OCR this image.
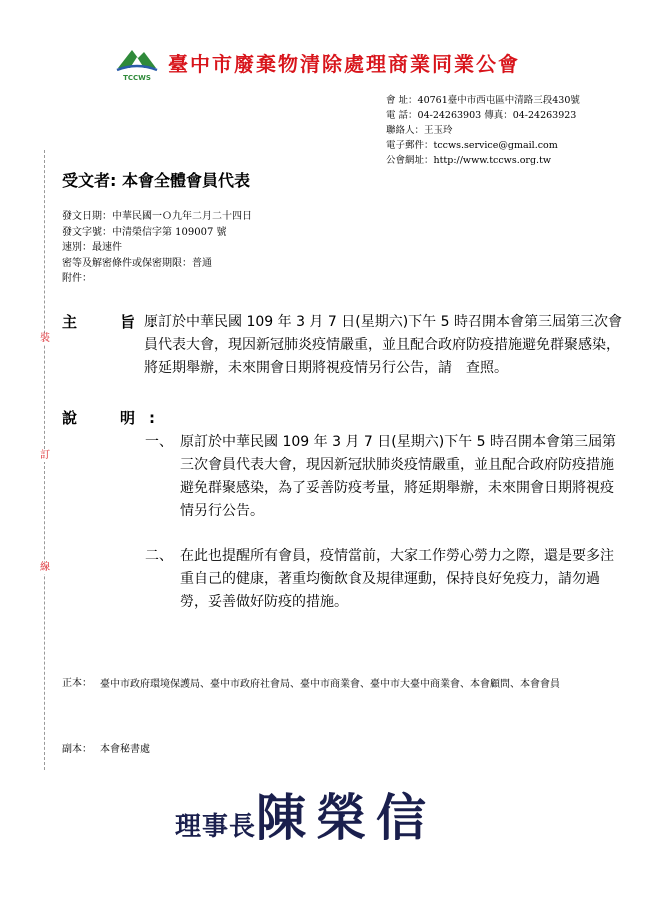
TCCWS
臺中市廢棄物清除處理商業同業公會
會 址：40761臺中市西屯區中清路三段430號
電 話：04-24263903 傳真：04-24263923
聯絡人：王玉玲
電子郵件：tccws.service@gmail.com
公會網址：http://www.tccws.org.tw
裝
訂
線
受文者: 本會全體會員代表
發文日期：中華民國一Ｏ九年二月二十四日
發文字號：中清榮信字第 109007 號
速別：最速件
密等及解密條件或保密期限：普通
附件：
主　旨：
原訂於中華民國 109 年 3 月 7 日(星期六)下午 5 時召開本會第三屆第三次會員代表大會，現因新冠肺炎疫情嚴重，並且配合政府防疫措施避免群聚感染，將延期舉辦，未來開會日期將視疫情另行公告，請　查照。
說　明:
一、 原訂於中華民國 109 年 3 月 7 日(星期六)下午 5 時召開本會第三屆第三次會員代表大會，現因新冠狀肺炎疫情嚴重，並且配合政府防疫措施避免群聚感染，為了妥善防疫考量，將延期舉辦，未來開會日期將視疫情另行公告。
二、 在此也提醒所有會員，疫情當前，大家工作勞心勞力之際，還是要多注重自己的健康，著重均衡飲食及規律運動，保持良好免疫力，請勿過勞，妥善做好防疫的措施。
正本： 臺中市政府環境保護局、臺中市政府社會局、臺中市商業會、臺中市大臺中商業會、本會顧問、本會會員
副本： 本會秘書處
理事長陳榮信
